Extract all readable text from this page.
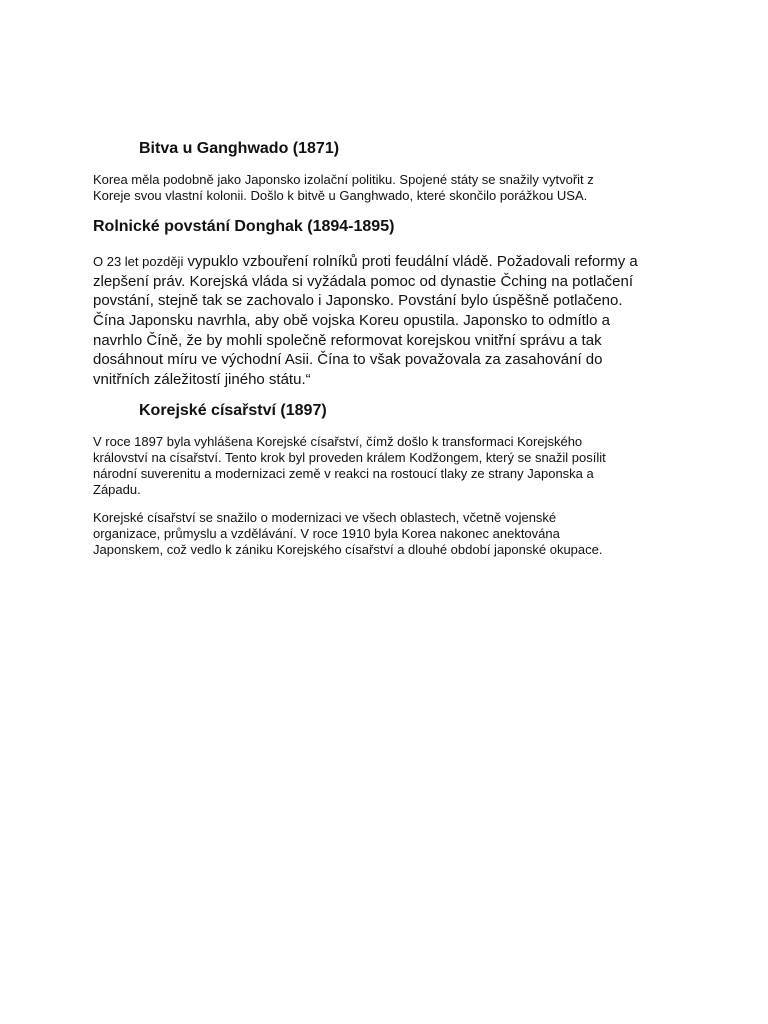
Bitva u Ganghwado (1871)

Korea měla podobně jako Japonsko izolační politiku. Spojené státy se snažily vytvořit z
Koreje svou vlastní kolonii. Došlo k bitvě u Ganghwado, které skončilo porážkou USA.

Rolnické povstání Donghak (1894-1895)

O 23 let později vypuklo vzbouření rolníků proti feudální vládě. Požadovali reformy a
zlepšení práv. Korejská vláda si vyžádala pomoc od dynastie Čching na potlačení
povstání, stejně tak se zachovalo i Japonsko. Povstání bylo úspěšně potlačeno.
Čína Japonsku navrhla, aby obě vojska Koreu opustila. Japonsko to odmítlo a
navrhlo Číně, že by mohli společně reformovat korejskou vnitřní správu a tak
dosáhnout míru ve východní Asii. Čína to však považovala za zasahování do
vnitřních záležitostí jiného státu.“

Korejské císařství (1897)

V roce 1897 byla vyhlášena Korejské císařství, čímž došlo k transformaci Korejského
království na císařství. Tento krok byl proveden králem Kodžongem, který se snažil posílit
národní suverenitu a modernizaci země v reakci na rostoucí tlaky ze strany Japonska a
Západu.

Korejské císařství se snažilo o modernizaci ve všech oblastech, včetně vojenské
organizace, průmyslu a vzdělávání. V roce 1910 byla Korea nakonec anektována
Japonskem, což vedlo k zániku Korejského císařství a dlouhé období japonské okupace.
